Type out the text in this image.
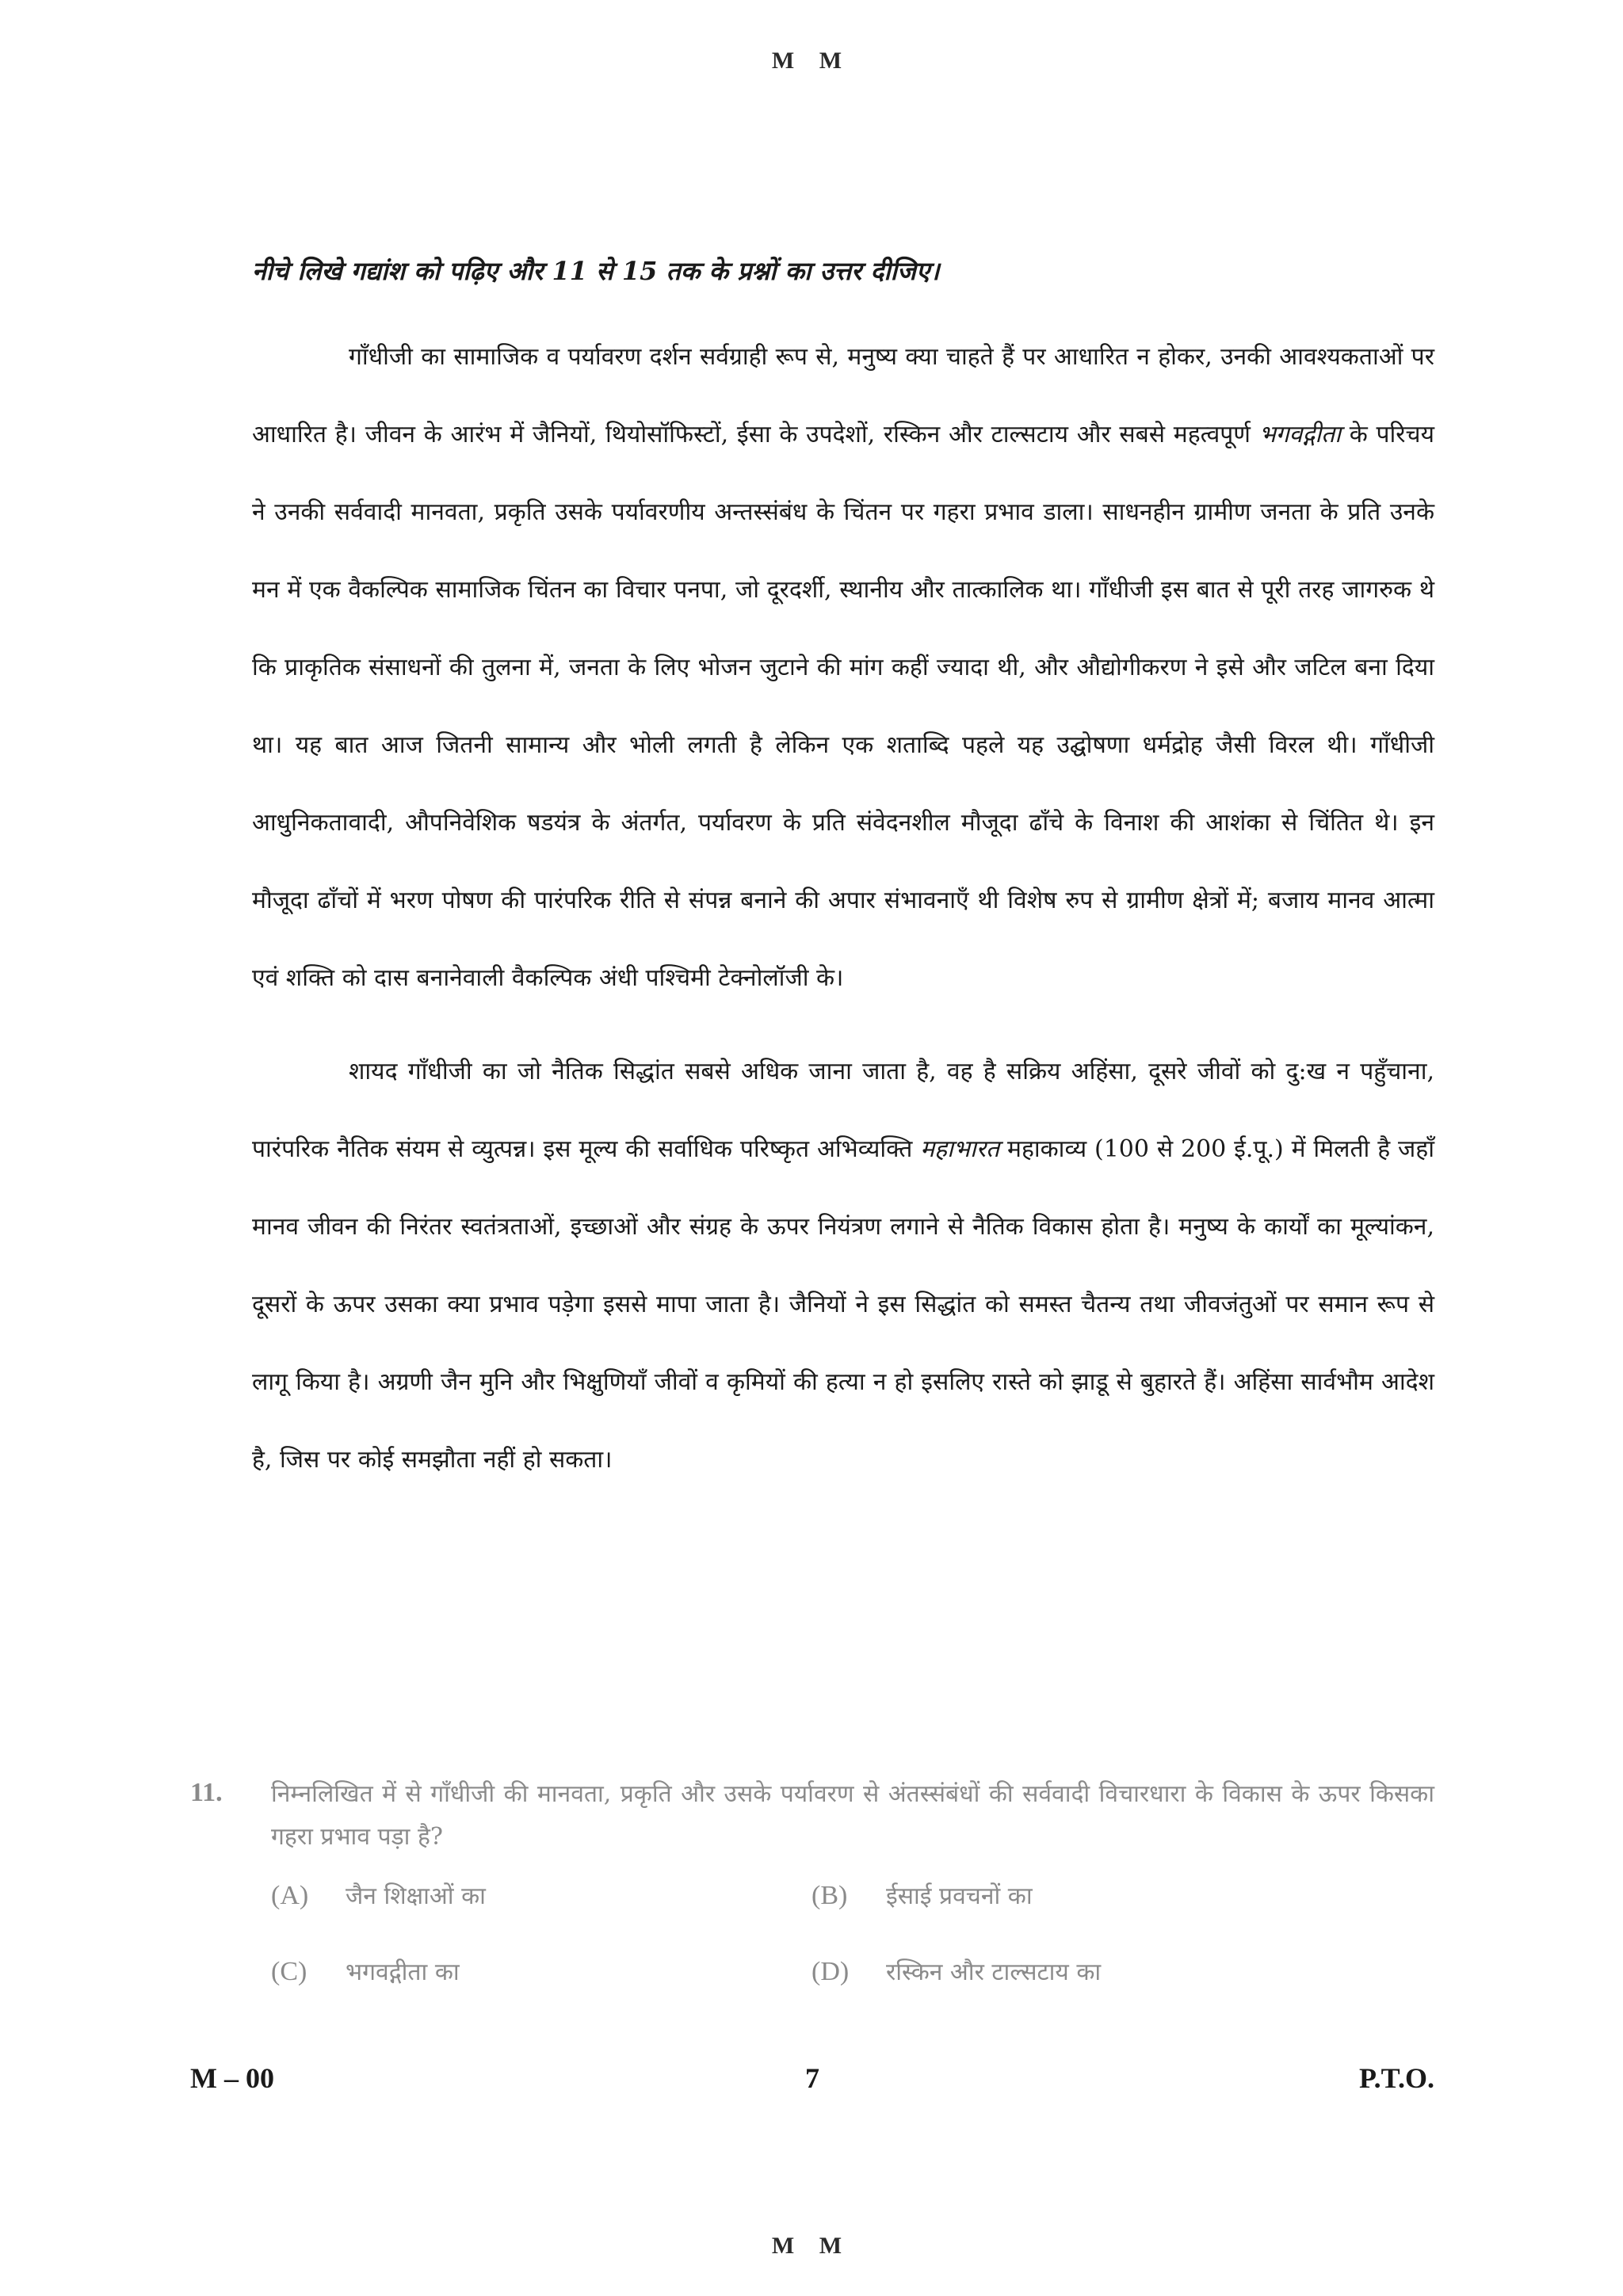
M M

नीचे लिखे गद्यांश को पढ़िए और 11 से 15 तक के प्रश्नों का उत्तर दीजिए।

गाँधीजी का सामाजिक व पर्यावरण दर्शन सर्वग्राही रूप से, मनुष्य क्या चाहते हैं पर आधारित न होकर, उनकी आवश्यकताओं पर आधारित है। जीवन के आरंभ में जैनियों, थियोसॉफिस्टों, ईसा के उपदेशों, रस्किन और टाल्सटाय और सबसे महत्वपूर्ण भगवद्गीता के परिचय ने उनकी सर्ववादी मानवता, प्रकृति उसके पर्यावरणीय अन्तस्संबंध के चिंतन पर गहरा प्रभाव डाला। साधनहीन ग्रामीण जनता के प्रति उनके मन में एक वैकल्पिक सामाजिक चिंतन का विचार पनपा, जो दूरदर्शी, स्थानीय और तात्कालिक था। गाँधीजी इस बात से पूरी तरह जागरुक थे कि प्राकृतिक संसाधनों की तुलना में, जनता के लिए भोजन जुटाने की मांग कहीं ज्यादा थी, और औद्योगीकरण ने इसे और जटिल बना दिया था। यह बात आज जितनी सामान्य और भोली लगती है लेकिन एक शताब्दि पहले यह उद्घोषणा धर्मद्रोह जैसी विरल थी। गाँधीजी आधुनिकतावादी, औपनिवेशिक षडयंत्र के अंतर्गत, पर्यावरण के प्रति संवेदनशील मौजूदा ढाँचे के विनाश की आशंका से चिंतित थे। इन मौजूदा ढाँचों में भरण पोषण की पारंपरिक रीति से संपन्न बनाने की अपार संभावनाएँ थी विशेष रुप से ग्रामीण क्षेत्रों में; बजाय मानव आत्मा एवं शक्ति को दास बनानेवाली वैकल्पिक अंधी पश्चिमी टेक्नोलॉजी के।

शायद गाँधीजी का जो नैतिक सिद्धांत सबसे अधिक जाना जाता है, वह है सक्रिय अहिंसा, दूसरे जीवों को दु:ख न पहुँचाना, पारंपरिक नैतिक संयम से व्युत्पन्न। इस मूल्य की सर्वाधिक परिष्कृत अभिव्यक्ति महाभारत महाकाव्य (100 से 200 ई.पू.) में मिलती है जहाँ मानव जीवन की निरंतर स्वतंत्रताओं, इच्छाओं और संग्रह के ऊपर नियंत्रण लगाने से नैतिक विकास होता है। मनुष्य के कार्यों का मूल्यांकन, दूसरों के ऊपर उसका क्या प्रभाव पड़ेगा इससे मापा जाता है। जैनियों ने इस सिद्धांत को समस्त चैतन्य तथा जीवजंतुओं पर समान रूप से लागू किया है। अग्रणी जैन मुनि और भिक्षुणियाँ जीवों व कृमियों की हत्या न हो इसलिए रास्ते को झाडू से बुहारते हैं। अहिंसा सार्वभौम आदेश है, जिस पर कोई समझौता नहीं हो सकता।

11. निम्नलिखित में से गाँधीजी की मानवता, प्रकृति और उसके पर्यावरण से अंतस्संबंधों की सर्ववादी विचारधारा के विकास के ऊपर किसका गहरा प्रभाव पड़ा है?
(A) जैन शिक्षाओं का	(B) ईसाई प्रवचनों का
(C) भगवद्गीता का	(D) रस्किन और टाल्सटाय का
M – 00	7	P.T.O.
M M
